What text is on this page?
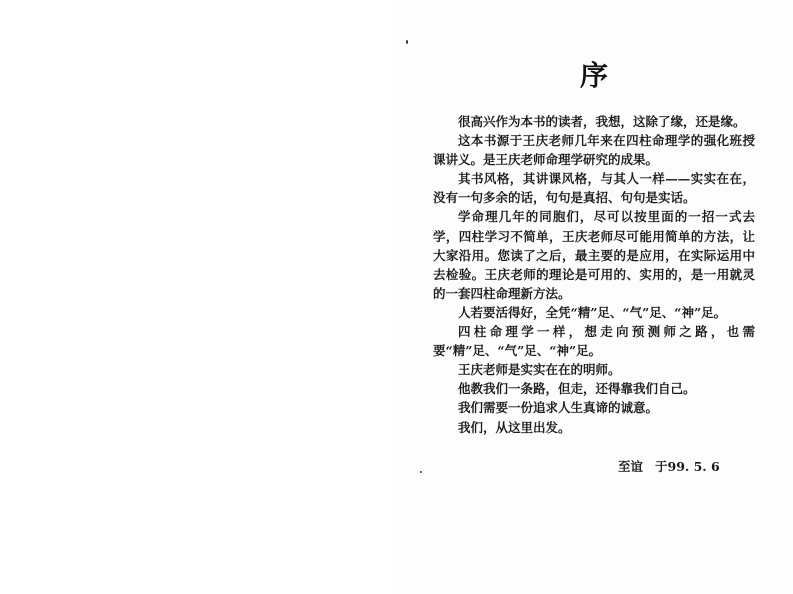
序

很高兴作为本书的读者，我想，这除了缘，还是缘。

这本书源于王庆老师几年来在四柱命理学的强化班授课讲义。是王庆老师命理学研究的成果。

其书风格，其讲课风格，与其人一样——实实在在，没有一句多余的话，句句是真招、句句是实话。

学命理几年的同胞们，尽可以按里面的一招一式去学，四柱学习不简单，王庆老师尽可能用简单的方法，让大家沿用。您读了之后，最主要的是应用，在实际运用中去检验。王庆老师的理论是可用的、实用的，是一用就灵的一套四柱命理新方法。

人若要活得好，全凭“精”足、“气”足、“神”足。

四柱命理学一样，想走向预测师之路，也需要“精”足、“气”足、“神”足。

王庆老师是实实在在的明师。

他教我们一条路，但走，还得靠我们自己。

我们需要一份追求人生真谛的诚意。

我们，从这里出发。

至谊 于99. 5. 6
